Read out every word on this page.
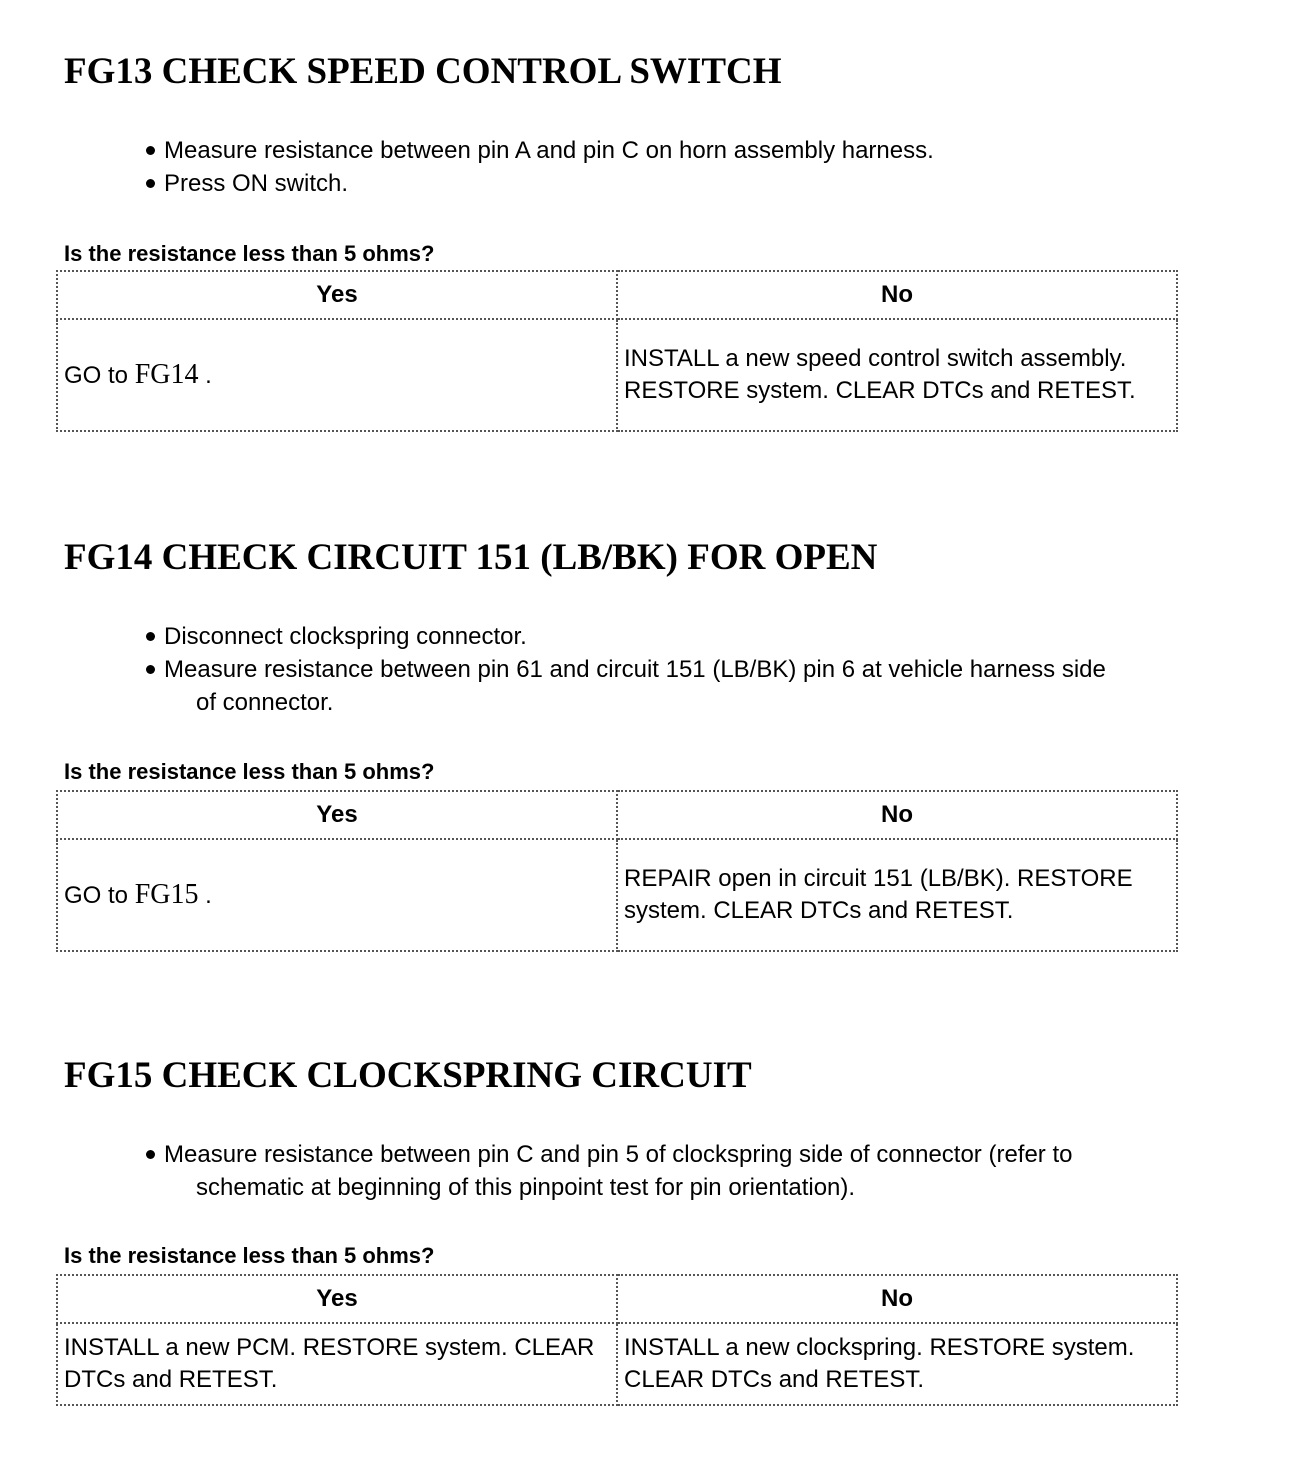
FG13 CHECK SPEED CONTROL SWITCH
Measure resistance between pin A and pin C on horn assembly harness.
Press ON switch.

Is the resistance less than 5 ohms?

Yes	No
GO to FG14 .	INSTALL a new speed control switch assembly. RESTORE system. CLEAR DTCs and RETEST.
FG14 CHECK CIRCUIT 151 (LB/BK) FOR OPEN
Disconnect clockspring connector.
Measure resistance between pin 61 and circuit 151 (LB/BK) pin 6 at vehicle harness side
of connector.

Is the resistance less than 5 ohms?

Yes	No
GO to FG15 .	REPAIR open in circuit 151 (LB/BK). RESTORE system. CLEAR DTCs and RETEST.
FG15 CHECK CLOCKSPRING CIRCUIT
Measure resistance between pin C and pin 5 of clockspring side of connector (refer to
schematic at beginning of this pinpoint test for pin orientation).

Is the resistance less than 5 ohms?

Yes	No
INSTALL a new PCM. RESTORE system. CLEAR DTCs and RETEST.	INSTALL a new clockspring. RESTORE system. CLEAR DTCs and RETEST.
